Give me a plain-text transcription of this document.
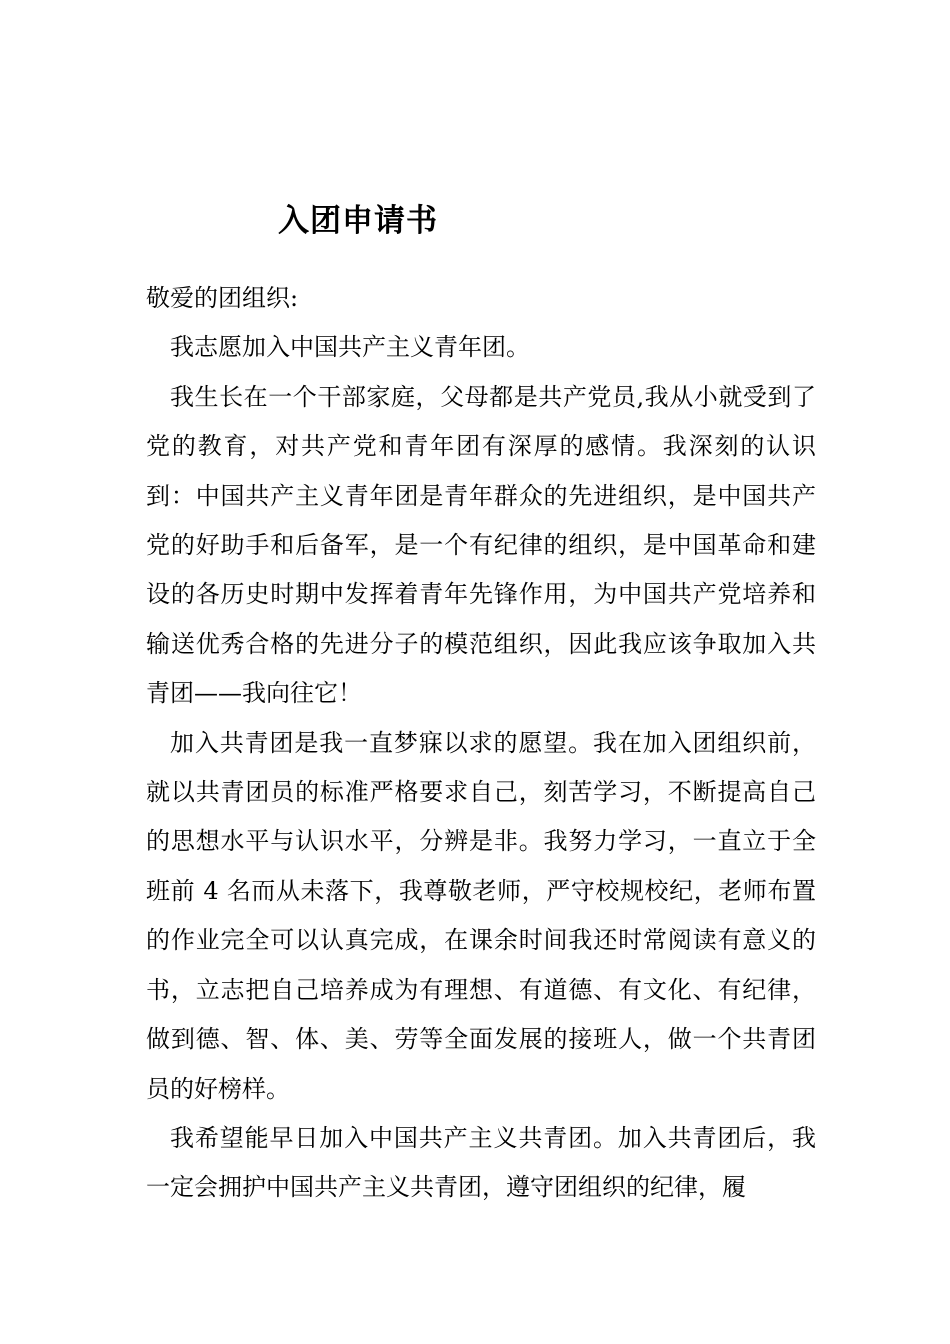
入团申请书

敬爱的团组织:

我志愿加入中国共产主义青年团。

我生长在一个干部家庭，父母都是共产党员,我从小就受到了党的教育，对共产党和青年团有深厚的感情。我深刻的认识到：中国共产主义青年团是青年群众的先进组织，是中国共产党的好助手和后备军，是一个有纪律的组织，是中国革命和建设的各历史时期中发挥着青年先锋作用，为中国共产党培养和输送优秀合格的先进分子的模范组织，因此我应该争取加入共青团——我向往它！

加入共青团是我一直梦寐以求的愿望。我在加入团组织前，就以共青团员的标准严格要求自己，刻苦学习，不断提高自己的思想水平与认识水平，分辨是非。我努力学习，一直立于全班前 4 名而从未落下，我尊敬老师，严守校规校纪，老师布置的作业完全可以认真完成，在课余时间我还时常阅读有意义的书，立志把自己培养成为有理想、有道德、有文化、有纪律，做到德、智、体、美、劳等全面发展的接班人，做一个共青团员的好榜样。

我希望能早日加入中国共产主义共青团。加入共青团后，我一定会拥护中国共产主义共青团，遵守团组织的纪律，履
